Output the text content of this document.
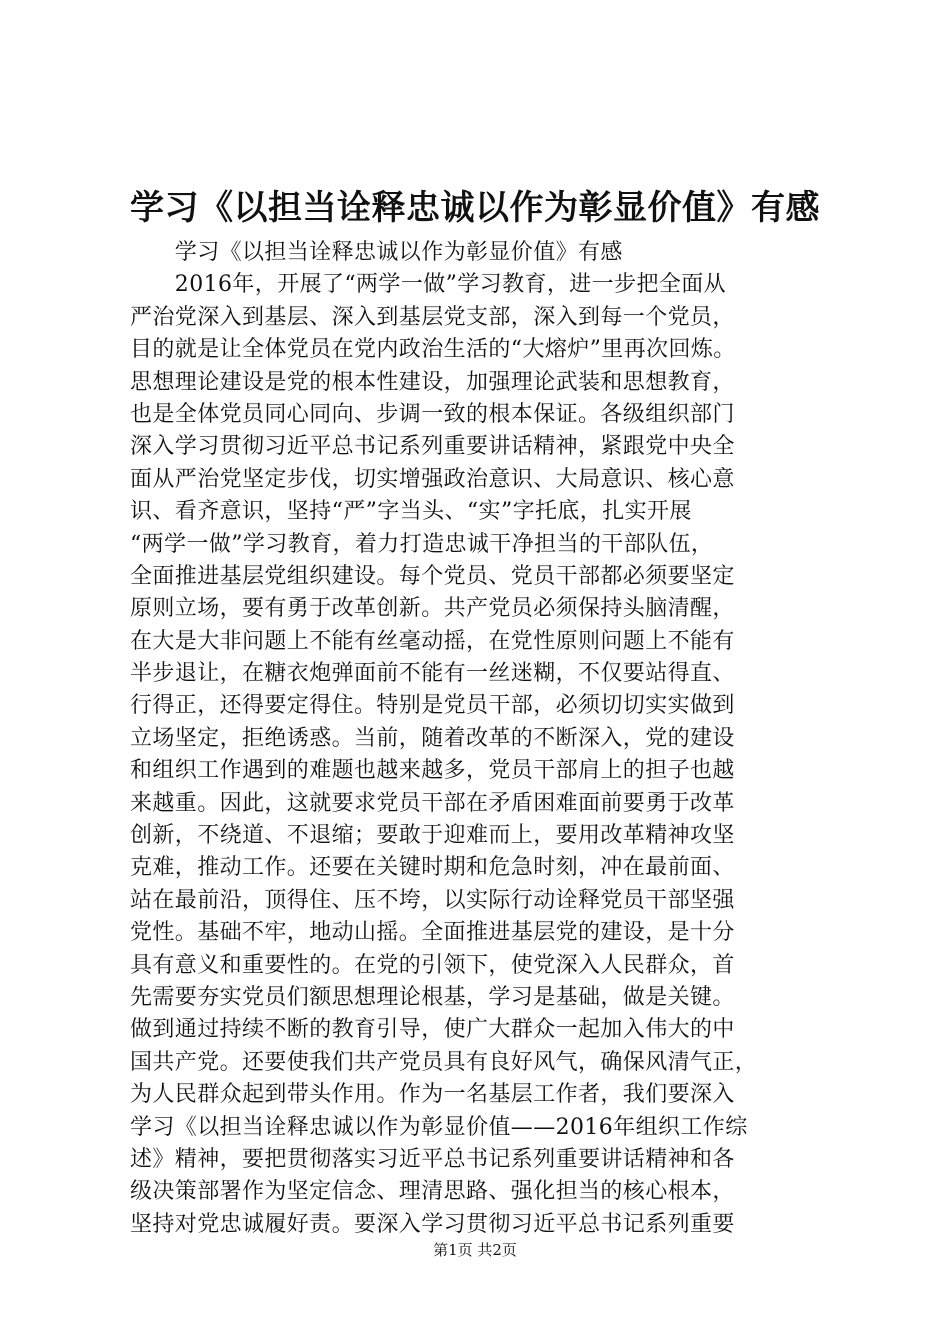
学习《以担当诠释忠诚以作为彰显价值》有感
　　学习《以担当诠释忠诚以作为彰显价值》有感
　　2016年，开展了“两学一做”学习教育，进一步把全面从
严治党深入到基层、深入到基层党支部，深入到每一个党员，
目的就是让全体党员在党内政治生活的“大熔炉”里再次回炼。
思想理论建设是党的根本性建设，加强理论武装和思想教育，
也是全体党员同心同向、步调一致的根本保证。各级组织部门
深入学习贯彻习近平总书记系列重要讲话精神，紧跟党中央全
面从严治党坚定步伐，切实增强政治意识、大局意识、核心意
识、看齐意识，坚持“严”字当头、“实”字托底，扎实开展
“两学一做”学习教育，着力打造忠诚干净担当的干部队伍，
全面推进基层党组织建设。每个党员、党员干部都必须要坚定
原则立场，要有勇于改革创新。共产党员必须保持头脑清醒，
在大是大非问题上不能有丝毫动摇，在党性原则问题上不能有
半步退让，在糖衣炮弹面前不能有一丝迷糊，不仅要站得直、
行得正，还得要定得住。特别是党员干部，必须切切实实做到
立场坚定，拒绝诱惑。当前，随着改革的不断深入，党的建设
和组织工作遇到的难题也越来越多，党员干部肩上的担子也越
来越重。因此，这就要求党员干部在矛盾困难面前要勇于改革
创新，不绕道、不退缩；要敢于迎难而上，要用改革精神攻坚
克难，推动工作。还要在关键时期和危急时刻，冲在最前面、
站在最前沿，顶得住、压不垮，以实际行动诠释党员干部坚强
党性。基础不牢，地动山摇。全面推进基层党的建设，是十分
具有意义和重要性的。在党的引领下，使党深入人民群众，首
先需要夯实党员们额思想理论根基，学习是基础，做是关键。
做到通过持续不断的教育引导，使广大群众一起加入伟大的中
国共产党。还要使我们共产党员具有良好风气，确保风清气正，
为人民群众起到带头作用。作为一名基层工作者，我们要深入
学习《以担当诠释忠诚以作为彰显价值——2016年组织工作综
述》精神，要把贯彻落实习近平总书记系列重要讲话精神和各
级决策部署作为坚定信念、理清思路、强化担当的核心根本，
坚持对党忠诚履好责。要深入学习贯彻习近平总书记系列重要
第1页 共2页
